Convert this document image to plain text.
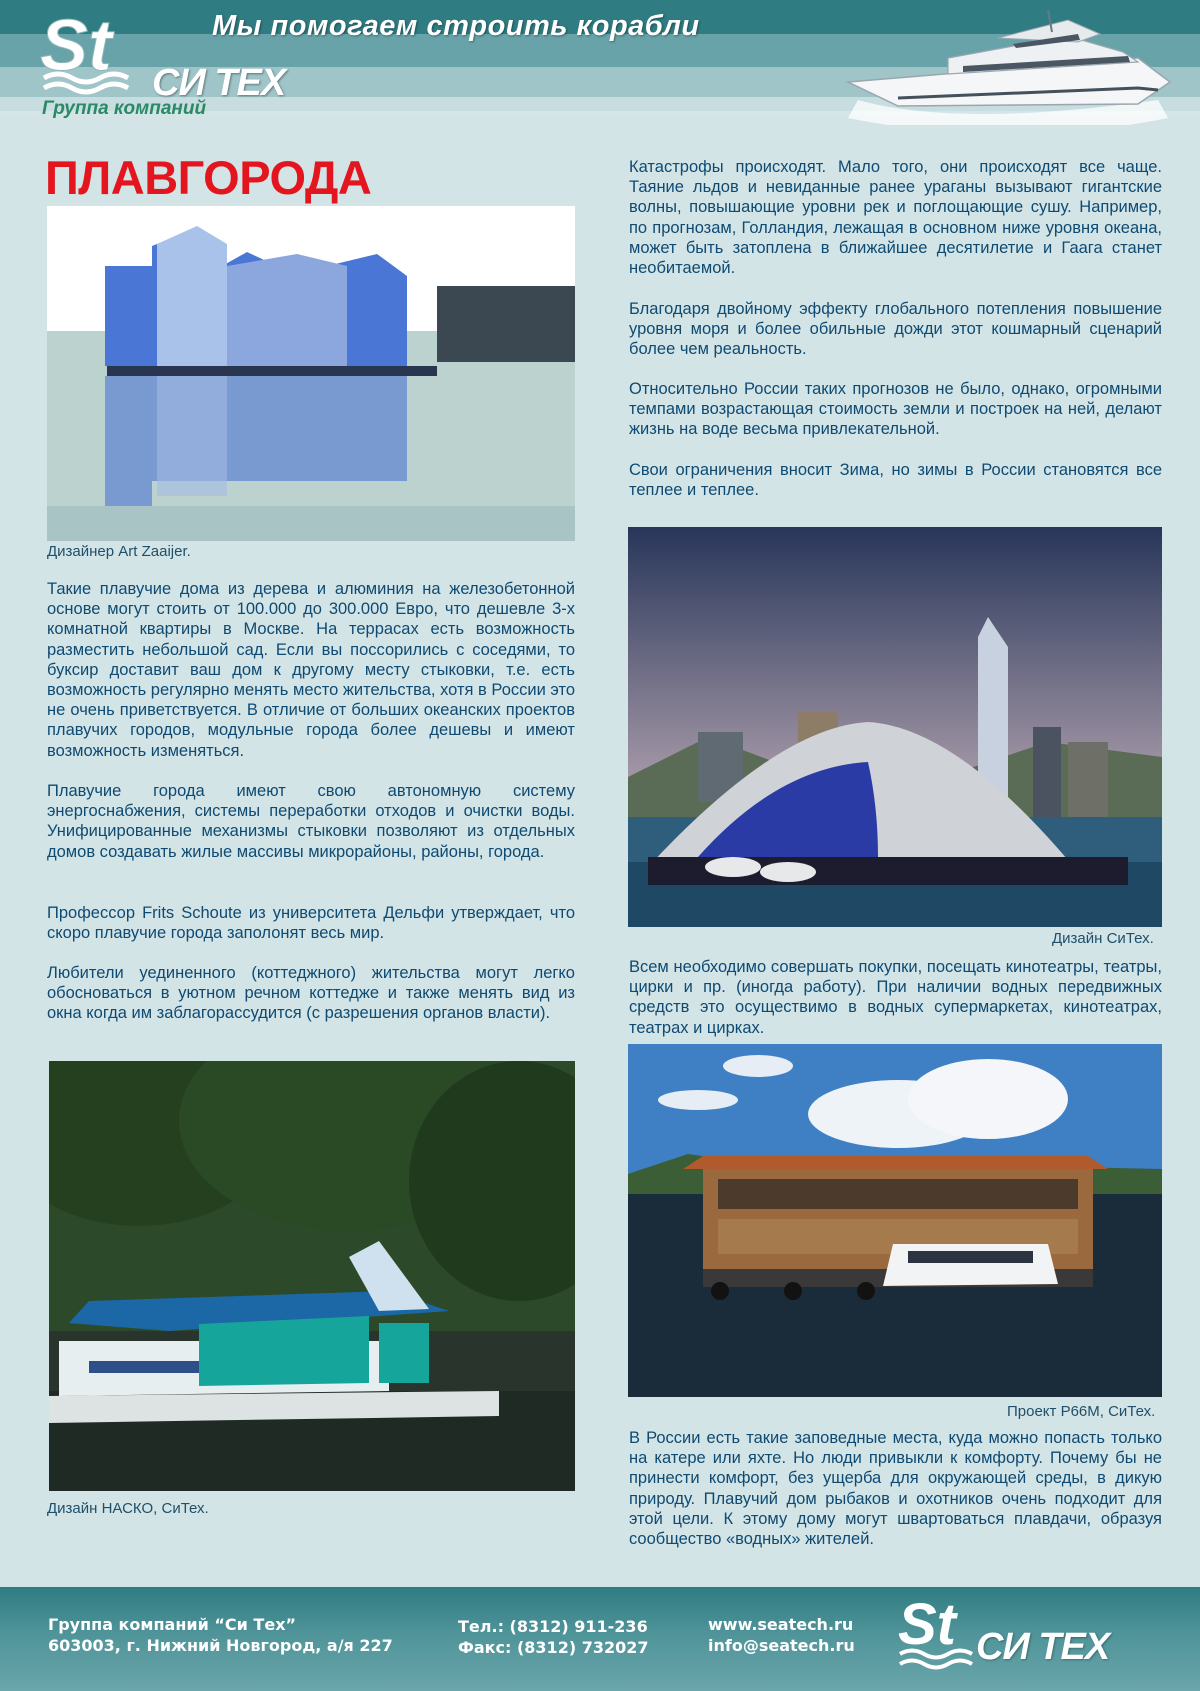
Мы помогаем строить корабли
St СИ ТЕХ
Группа компаний
ПЛАВГОРОДА

Дизайнер Art Zaaijer.

Такие плавучие дома из дерева и алюминия на железобетонной основе могут стоить от 100.000 до 300.000 Евро, что дешевле 3-х комнатной квартиры в Москве. На террасах есть возможность разместить небольшой сад. Если вы поссорились с соседями, то буксир доставит ваш дом к другому месту стыковки, т.е. есть возможность регулярно менять место жительства, хотя в России это не очень приветствуется. В отличие от больших океанских проектов плавучих городов, модульные города более дешевы и имеют возможность изменяться.

Плавучие города имеют свою автономную систему энергоснабжения, системы переработки отходов и очистки воды. Унифицированные механизмы стыковки позволяют из отдельных домов создавать жилые массивы микрорайоны, районы, города.

Профессор Frits Schoute из университета Дельфи утверждает, что скоро плавучие города заполонят весь мир.

Любители уединенного (коттеджного) жительства могут легко обосноваться в уютном речном коттедже и также менять вид из окна когда им заблагорассудится (с разрешения органов власти).

Дизайн НАСКО, СиТех.

Катастрофы происходят. Мало того, они происходят все чаще. Таяние льдов и невиданные ранее ураганы вызывают гигантские волны, повышающие уровни рек и поглощающие сушу. Например, по прогнозам, Голландия, лежащая в основном ниже уровня океана, может быть затоплена в ближайшее десятилетие и Гаага станет необитаемой.

Благодаря двойному эффекту глобального потепления повышение уровня моря и более обильные дожди этот кошмарный сценарий более чем реальность.

Относительно России таких прогнозов не было, однако, огромными темпами возрастающая стоимость земли и построек на ней, делают жизнь на воде весьма привлекательной.

Свои ограничения вносит Зима, но зимы в России становятся все теплее и теплее.

Дизайн СиТех.

Всем необходимо совершать покупки, посещать кинотеатры, театры, цирки и пр. (иногда работу). При наличии водных передвижных средств это осуществимо в водных супермаркетах, кинотеатрах, театрах и цирках.

Проект Р66М, СиТех.

В России есть такие заповедные места, куда можно попасть только на катере или яхте. Но люди привыкли к комфорту. Почему бы не принести комфорт, без ущерба для окружающей среды, в дикую природу. Плавучий дом рыбаков и охотников очень подходит для этой цели. К этому дому могут швартоваться плавдачи, образуя сообщество «водных» жителей.

Группа компаний “Си Тех”

603003, г. Нижний Новгород, а/я 227

Тел.: (8312) 911-236

Факс: (8312) 732027

www.seatech.ru

info@seatech.ru St СИ ТЕХ
